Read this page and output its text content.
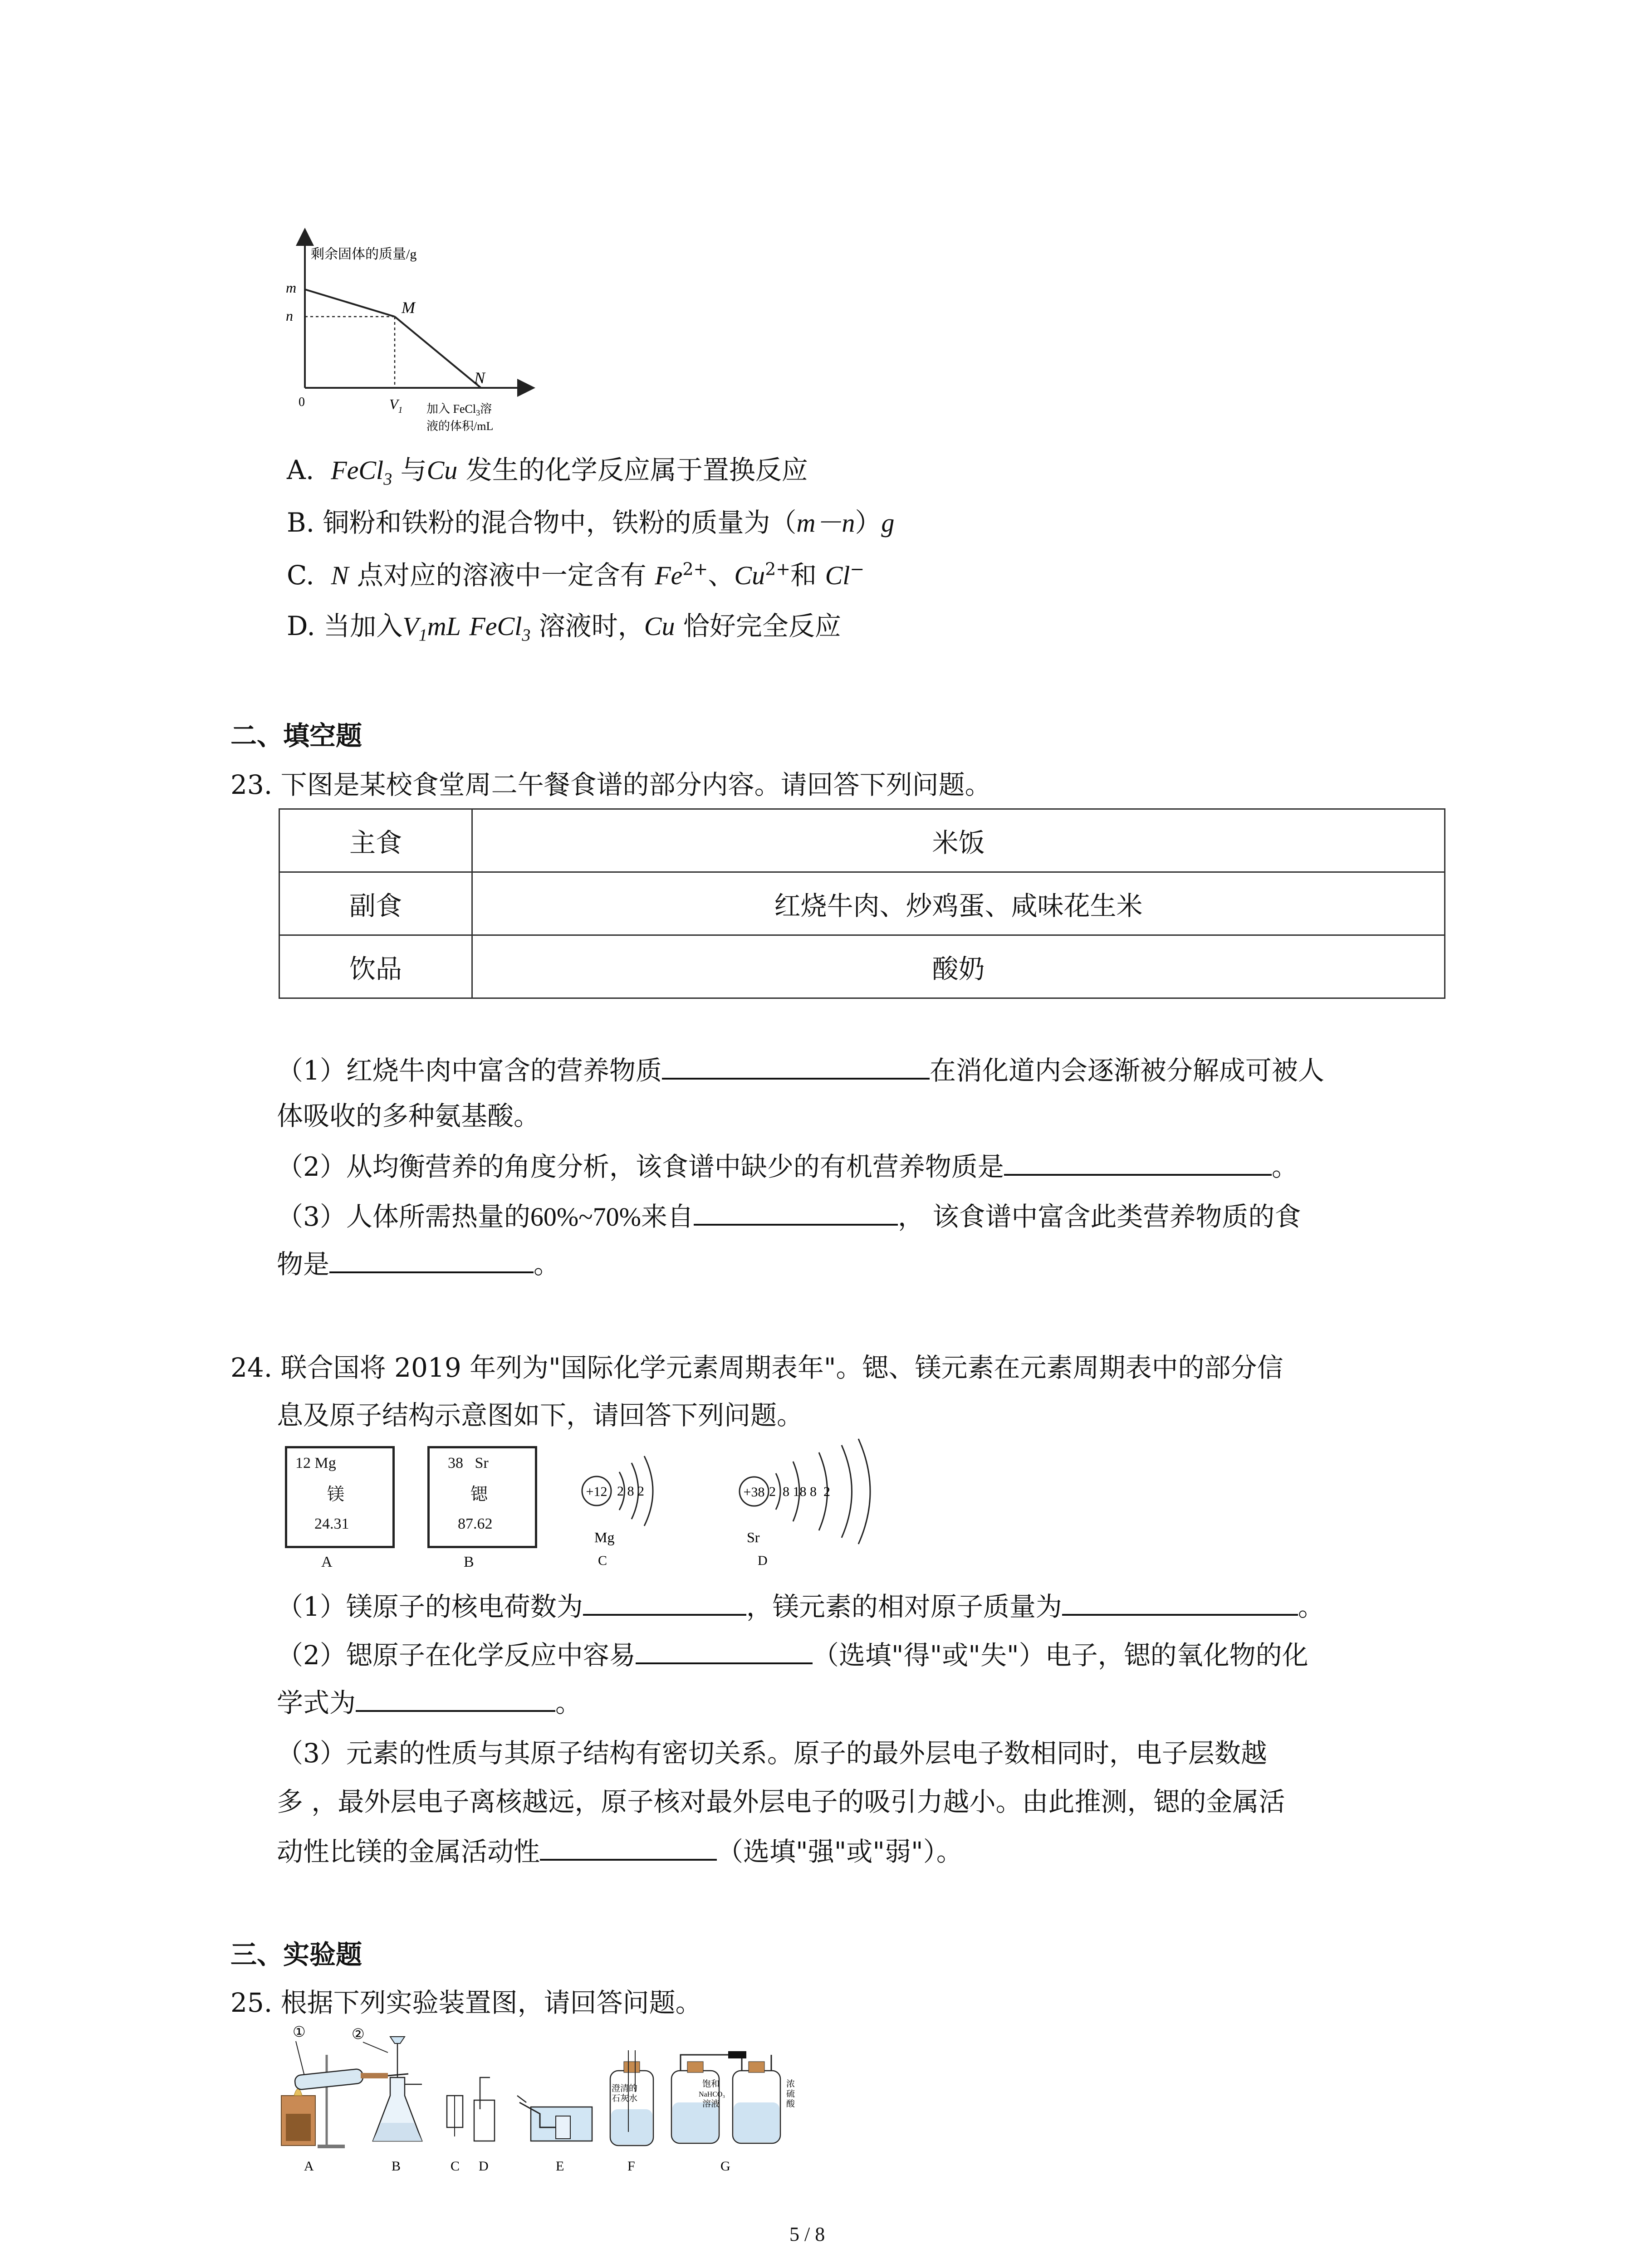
剩余固体的质量/g
m
n
0
M
N
$V_1$ 加入 FeCl$_3$溶
液的体积/mL
A. FeCl$_3$ 与Cu 发生的化学反应属于置换反应
B. 铜粉和铁粉的混合物中，铁粉的质量为（m－n）g
C. N 点对应的溶液中一定含有 $Fe^{2+}$、$Cu^{2+}$和 Cl−
D. 当加入$V_1mL$ FeCl$_3$ 溶液时，Cu 恰好完全反应
二、填空题
23. 下图是某校食堂周二午餐食谱的部分内容。请回答下列问题。
主食	米饭
副食	红烧牛肉、炒鸡蛋、咸味花生米
饮品	酸奶
（1）红烧牛肉中富含的营养物质	在消化道内会逐渐被分解成可被人
体吸收的多种氨基酸。
（2）从均衡营养的角度分析，该食谱中缺少的有机营养物质是	。
（3）人体所需热量的60%~70%来自	， 该食谱中富含此类营养物质的食
物是	。
24. 联合国将 2019 年列为"国际化学元素周期表年"。锶、镁元素在元素周期表中的部分信
息及原子结构示意图如下，请回答下列问题。
12 Mg
镁
24.31
A
38   Sr
锶
87.62
B
+12 2 8 2
Mg
C
+38 2  8 18 8  2
Sr
D
（1）镁原子的核电荷数为	，镁元素的相对原子质量为	。
（2）锶原子在化学反应中容易	（选填"得"或"失"）电子，锶的氧化物的化
学式为	。
（3）元素的性质与其原子结构有密切关系。原子的最外层电子数相同时，电子层数越
多 ，最外层电子离核越远，原子核对最外层电子的吸引力越小。由此推测，锶的金属活
动性比镁的金属活动性	（选填"强"或"弱"）。
三、实验题
25. 根据下列实验装置图，请回答问题。
①
A
②
B	C D	E
澄清的
石灰水
F
饱和
NaHCO₃
溶液
浓
硫
酸
G
5 / 8
